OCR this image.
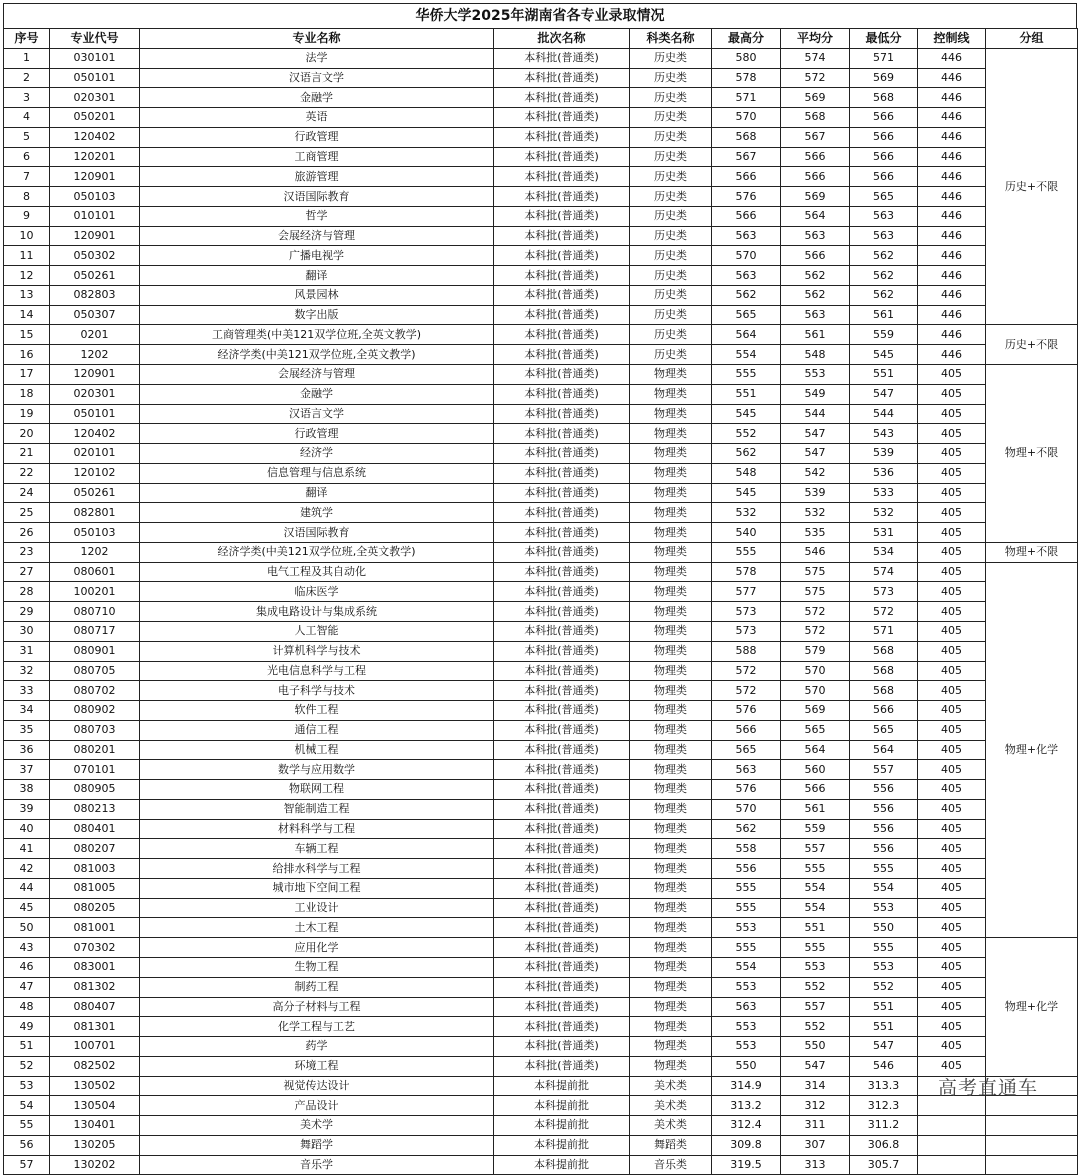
华侨大学2025年湖南省各专业录取情况
序号	专业代号	专业名称	批次名称	科类名称	最高分	平均分	最低分	控制线	分组
1	030101	法学	本科批(普通类)	历史类	580	574	571	446	历史+不限
2	050101	汉语言文学	本科批(普通类)	历史类	578	572	569	446	
3	020301	金融学	本科批(普通类)	历史类	571	569	568	446	
4	050201	英语	本科批(普通类)	历史类	570	568	566	446	
5	120402	行政管理	本科批(普通类)	历史类	568	567	566	446	
6	120201	工商管理	本科批(普通类)	历史类	567	566	566	446	
7	120901	旅游管理	本科批(普通类)	历史类	566	566	566	446	
8	050103	汉语国际教育	本科批(普通类)	历史类	576	569	565	446	
9	010101	哲学	本科批(普通类)	历史类	566	564	563	446	
10	120901	会展经济与管理	本科批(普通类)	历史类	563	563	563	446	
11	050302	广播电视学	本科批(普通类)	历史类	570	566	562	446	
12	050261	翻译	本科批(普通类)	历史类	563	562	562	446	
13	082803	风景园林	本科批(普通类)	历史类	562	562	562	446	
14	050307	数字出版	本科批(普通类)	历史类	565	563	561	446	
15	0201	工商管理类(中美121双学位班,全英文教学)	本科批(普通类)	历史类	564	561	559	446	历史+不限
16	1202	经济学类(中美121双学位班,全英文教学)	本科批(普通类)	历史类	554	548	545	446	
17	120901	会展经济与管理	本科批(普通类)	物理类	555	553	551	405	物理+不限
18	020301	金融学	本科批(普通类)	物理类	551	549	547	405	
19	050101	汉语言文学	本科批(普通类)	物理类	545	544	544	405	
20	120402	行政管理	本科批(普通类)	物理类	552	547	543	405	
21	020101	经济学	本科批(普通类)	物理类	562	547	539	405	
22	120102	信息管理与信息系统	本科批(普通类)	物理类	548	542	536	405	
24	050261	翻译	本科批(普通类)	物理类	545	539	533	405	
25	082801	建筑学	本科批(普通类)	物理类	532	532	532	405	
26	050103	汉语国际教育	本科批(普通类)	物理类	540	535	531	405	
23	1202	经济学类(中美121双学位班,全英文教学)	本科批(普通类)	物理类	555	546	534	405	物理+不限
27	080601	电气工程及其自动化	本科批(普通类)	物理类	578	575	574	405	物理+化学
28	100201	临床医学	本科批(普通类)	物理类	577	575	573	405	
29	080710	集成电路设计与集成系统	本科批(普通类)	物理类	573	572	572	405	
30	080717	人工智能	本科批(普通类)	物理类	573	572	571	405	
31	080901	计算机科学与技术	本科批(普通类)	物理类	588	579	568	405	
32	080705	光电信息科学与工程	本科批(普通类)	物理类	572	570	568	405	
33	080702	电子科学与技术	本科批(普通类)	物理类	572	570	568	405	
34	080902	软件工程	本科批(普通类)	物理类	576	569	566	405	
35	080703	通信工程	本科批(普通类)	物理类	566	565	565	405	
36	080201	机械工程	本科批(普通类)	物理类	565	564	564	405	
37	070101	数学与应用数学	本科批(普通类)	物理类	563	560	557	405	
38	080905	物联网工程	本科批(普通类)	物理类	576	566	556	405	
39	080213	智能制造工程	本科批(普通类)	物理类	570	561	556	405	
40	080401	材料科学与工程	本科批(普通类)	物理类	562	559	556	405	
41	080207	车辆工程	本科批(普通类)	物理类	558	557	556	405	
42	081003	给排水科学与工程	本科批(普通类)	物理类	556	555	555	405	
44	081005	城市地下空间工程	本科批(普通类)	物理类	555	554	554	405	
45	080205	工业设计	本科批(普通类)	物理类	555	554	553	405	
50	081001	土木工程	本科批(普通类)	物理类	553	551	550	405	
43	070302	应用化学	本科批(普通类)	物理类	555	555	555	405	物理+化学
46	083001	生物工程	本科批(普通类)	物理类	554	553	553	405	
47	081302	制药工程	本科批(普通类)	物理类	553	552	552	405	
48	080407	高分子材料与工程	本科批(普通类)	物理类	563	557	551	405	
49	081301	化学工程与工艺	本科批(普通类)	物理类	553	552	551	405	
51	100701	药学	本科批(普通类)	物理类	553	550	547	405	
52	082502	环境工程	本科批(普通类)	物理类	550	547	546	405	
53	130502	视觉传达设计	本科提前批	美术类	314.9	314	313.3		
54	130504	产品设计	本科提前批	美术类	313.2	312	312.3		
55	130401	美术学	本科提前批	美术类	312.4	311	311.2		
56	130205	舞蹈学	本科提前批	舞蹈类	309.8	307	306.8		
57	130202	音乐学	本科提前批	音乐类	319.5	313	305.7		
高考直通车
